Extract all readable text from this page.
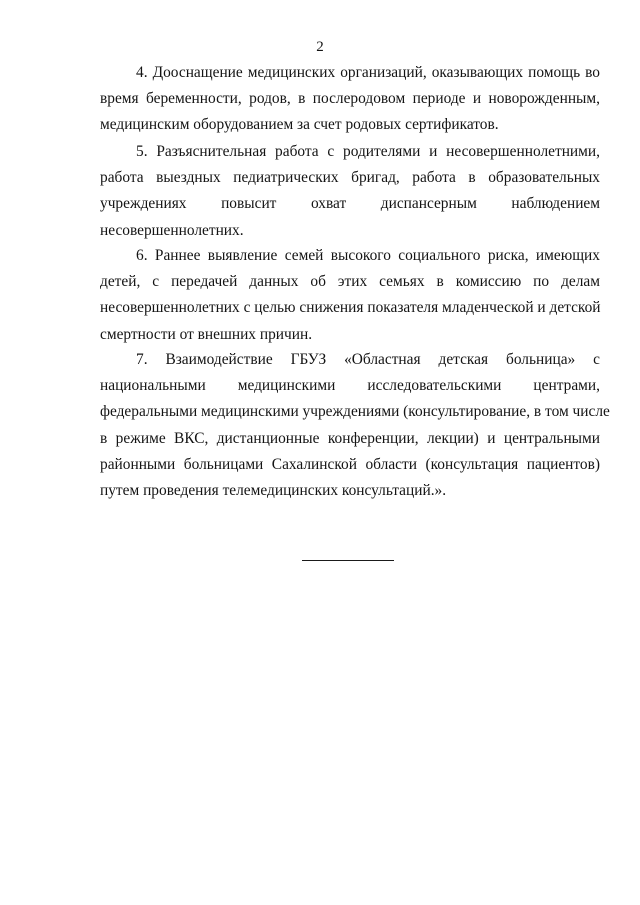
2
4. Дооснащение медицинских организаций, оказывающих помощь во
время беременности, родов, в послеродовом периоде и новорожденным,
медицинским оборудованием за счет родовых сертификатов.
5. Разъяснительная работа с родителями и несовершеннолетними,
работа выездных педиатрических бригад, работа в образовательных
учреждениях повысит охват диспансерным наблюдением
несовершеннолетних.
6. Раннее выявление семей высокого социального риска, имеющих
детей, с передачей данных об этих семьях в комиссию по делам
несовершеннолетних с целью снижения показателя младенческой и детской
смертности от внешних причин.
7. Взаимодействие ГБУЗ «Областная детская больница» с
национальными медицинскими исследовательскими центрами,
федеральными медицинскими учреждениями (консультирование, в том числе
в режиме ВКС, дистанционные конференции, лекции) и центральными
районными больницами Сахалинской области (консультация пациентов)
путем проведения телемедицинских консультаций.».
